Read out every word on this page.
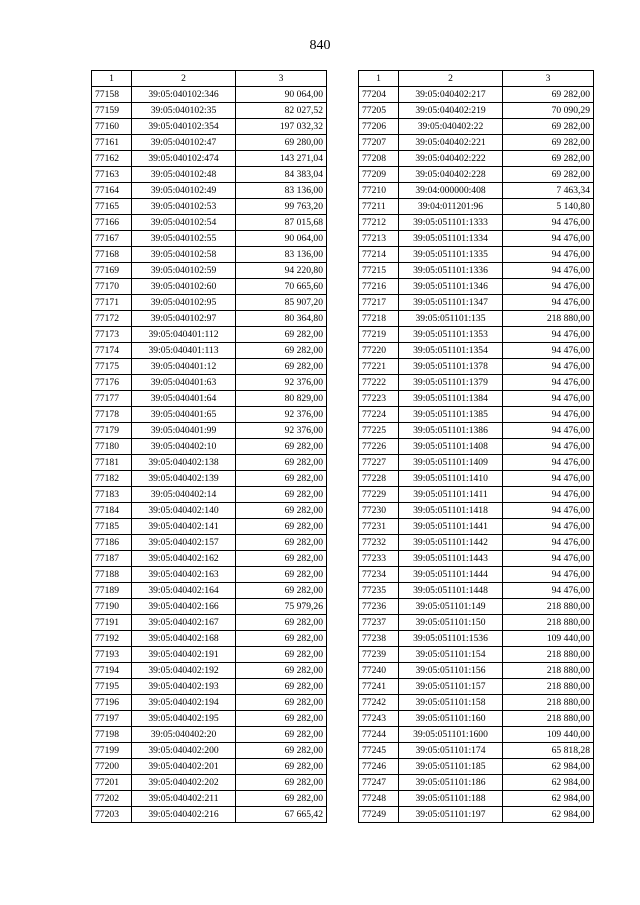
840
1	2	3
77158	39:05:040102:346	90 064,00
77159	39:05:040102:35	82 027,52
77160	39:05:040102:354	197 032,32
77161	39:05:040102:47	69 280,00
77162	39:05:040102:474	143 271,04
77163	39:05:040102:48	84 383,04
77164	39:05:040102:49	83 136,00
77165	39:05:040102:53	99 763,20
77166	39:05:040102:54	87 015,68
77167	39:05:040102:55	90 064,00
77168	39:05:040102:58	83 136,00
77169	39:05:040102:59	94 220,80
77170	39:05:040102:60	70 665,60
77171	39:05:040102:95	85 907,20
77172	39:05:040102:97	80 364,80
77173	39:05:040401:112	69 282,00
77174	39:05:040401:113	69 282,00
77175	39:05:040401:12	69 282,00
77176	39:05:040401:63	92 376,00
77177	39:05:040401:64	80 829,00
77178	39:05:040401:65	92 376,00
77179	39:05:040401:99	92 376,00
77180	39:05:040402:10	69 282,00
77181	39:05:040402:138	69 282,00
77182	39:05:040402:139	69 282,00
77183	39:05:040402:14	69 282,00
77184	39:05:040402:140	69 282,00
77185	39:05:040402:141	69 282,00
77186	39:05:040402:157	69 282,00
77187	39:05:040402:162	69 282,00
77188	39:05:040402:163	69 282,00
77189	39:05:040402:164	69 282,00
77190	39:05:040402:166	75 979,26
77191	39:05:040402:167	69 282,00
77192	39:05:040402:168	69 282,00
77193	39:05:040402:191	69 282,00
77194	39:05:040402:192	69 282,00
77195	39:05:040402:193	69 282,00
77196	39:05:040402:194	69 282,00
77197	39:05:040402:195	69 282,00
77198	39:05:040402:20	69 282,00
77199	39:05:040402:200	69 282,00
77200	39:05:040402:201	69 282,00
77201	39:05:040402:202	69 282,00
77202	39:05:040402:211	69 282,00
77203	39:05:040402:216	67 665,42
1	2	3
77204	39:05:040402:217	69 282,00
77205	39:05:040402:219	70 090,29
77206	39:05:040402:22	69 282,00
77207	39:05:040402:221	69 282,00
77208	39:05:040402:222	69 282,00
77209	39:05:040402:228	69 282,00
77210	39:04:000000:408	7 463,34
77211	39:04:011201:96	5 140,80
77212	39:05:051101:1333	94 476,00
77213	39:05:051101:1334	94 476,00
77214	39:05:051101:1335	94 476,00
77215	39:05:051101:1336	94 476,00
77216	39:05:051101:1346	94 476,00
77217	39:05:051101:1347	94 476,00
77218	39:05:051101:135	218 880,00
77219	39:05:051101:1353	94 476,00
77220	39:05:051101:1354	94 476,00
77221	39:05:051101:1378	94 476,00
77222	39:05:051101:1379	94 476,00
77223	39:05:051101:1384	94 476,00
77224	39:05:051101:1385	94 476,00
77225	39:05:051101:1386	94 476,00
77226	39:05:051101:1408	94 476,00
77227	39:05:051101:1409	94 476,00
77228	39:05:051101:1410	94 476,00
77229	39:05:051101:1411	94 476,00
77230	39:05:051101:1418	94 476,00
77231	39:05:051101:1441	94 476,00
77232	39:05:051101:1442	94 476,00
77233	39:05:051101:1443	94 476,00
77234	39:05:051101:1444	94 476,00
77235	39:05:051101:1448	94 476,00
77236	39:05:051101:149	218 880,00
77237	39:05:051101:150	218 880,00
77238	39:05:051101:1536	109 440,00
77239	39:05:051101:154	218 880,00
77240	39:05:051101:156	218 880,00
77241	39:05:051101:157	218 880,00
77242	39:05:051101:158	218 880,00
77243	39:05:051101:160	218 880,00
77244	39:05:051101:1600	109 440,00
77245	39:05:051101:174	65 818,28
77246	39:05:051101:185	62 984,00
77247	39:05:051101:186	62 984,00
77248	39:05:051101:188	62 984,00
77249	39:05:051101:197	62 984,00
